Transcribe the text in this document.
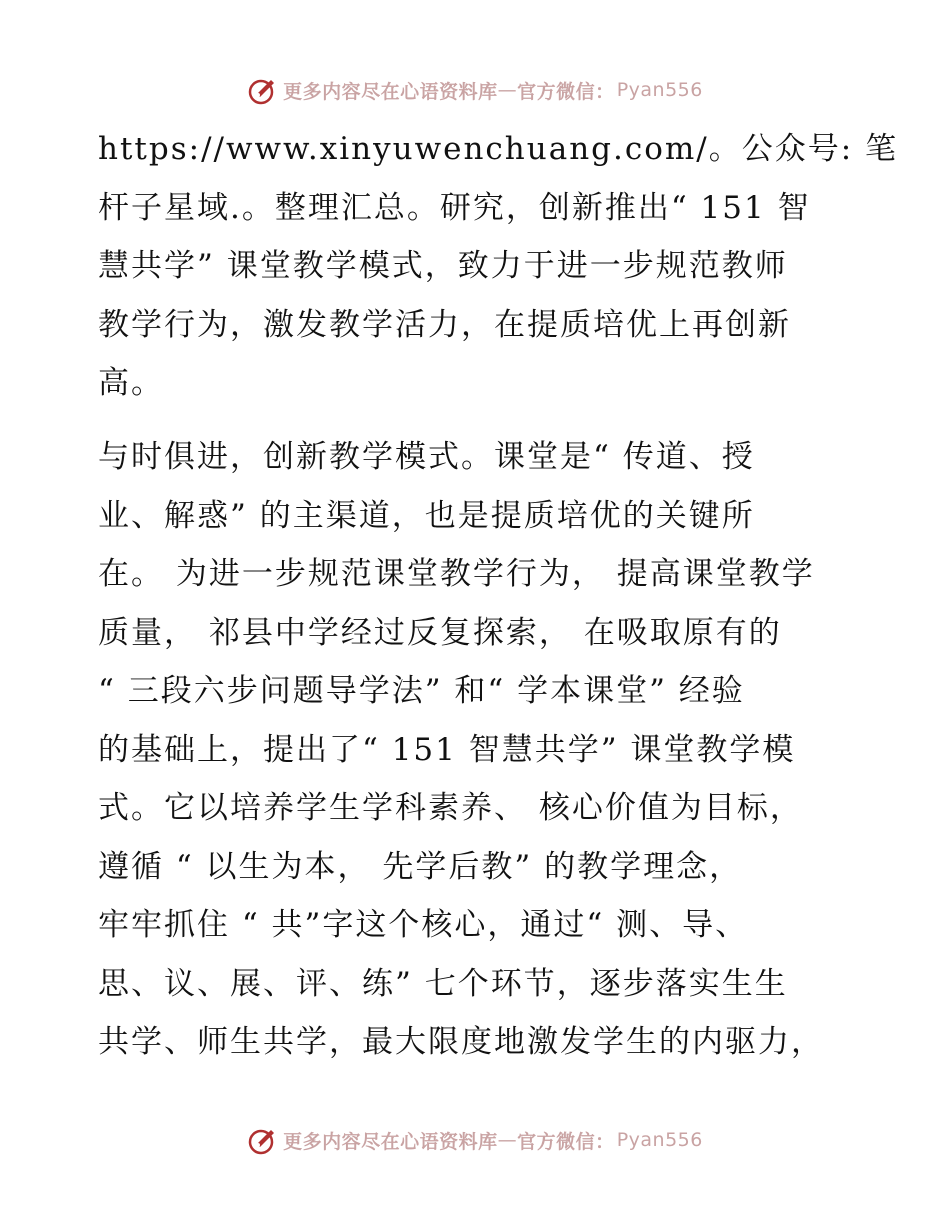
更多内容尽在心语资料库 — 官方微信： Pyan556
https://www.xinyuwenchuang.com/。公众号: 笔
杆子星域.。整理汇总。研究，创新推出“ 151 智
慧共学” 课堂教学模式，致力于进一步规范教师
教学行为，激发教学活力，在提质培优上再创新
高。
与时俱进，创新教学模式。课堂是“ 传道、授
业、解惑” 的主渠道，也是提质培优的关键所
在。 为进一步规范课堂教学行为， 提高课堂教学
质量， 祁县中学经过反复探索， 在吸取原有的
“ 三段六步问题导学法” 和“ 学本课堂” 经验
的基础上，提出了“ 151 智慧共学” 课堂教学模
式。它以培养学生学科素养、 核心价值为目标，
遵循 “ 以生为本， 先学后教” 的教学理念，
牢牢抓住 “ 共”字这个核心，通过“ 测、导、
思、议、展、评、练” 七个环节，逐步落实生生
共学、师生共学，最大限度地激发学生的内驱力，
更多内容尽在心语资料库 — 官方微信： Pyan556
